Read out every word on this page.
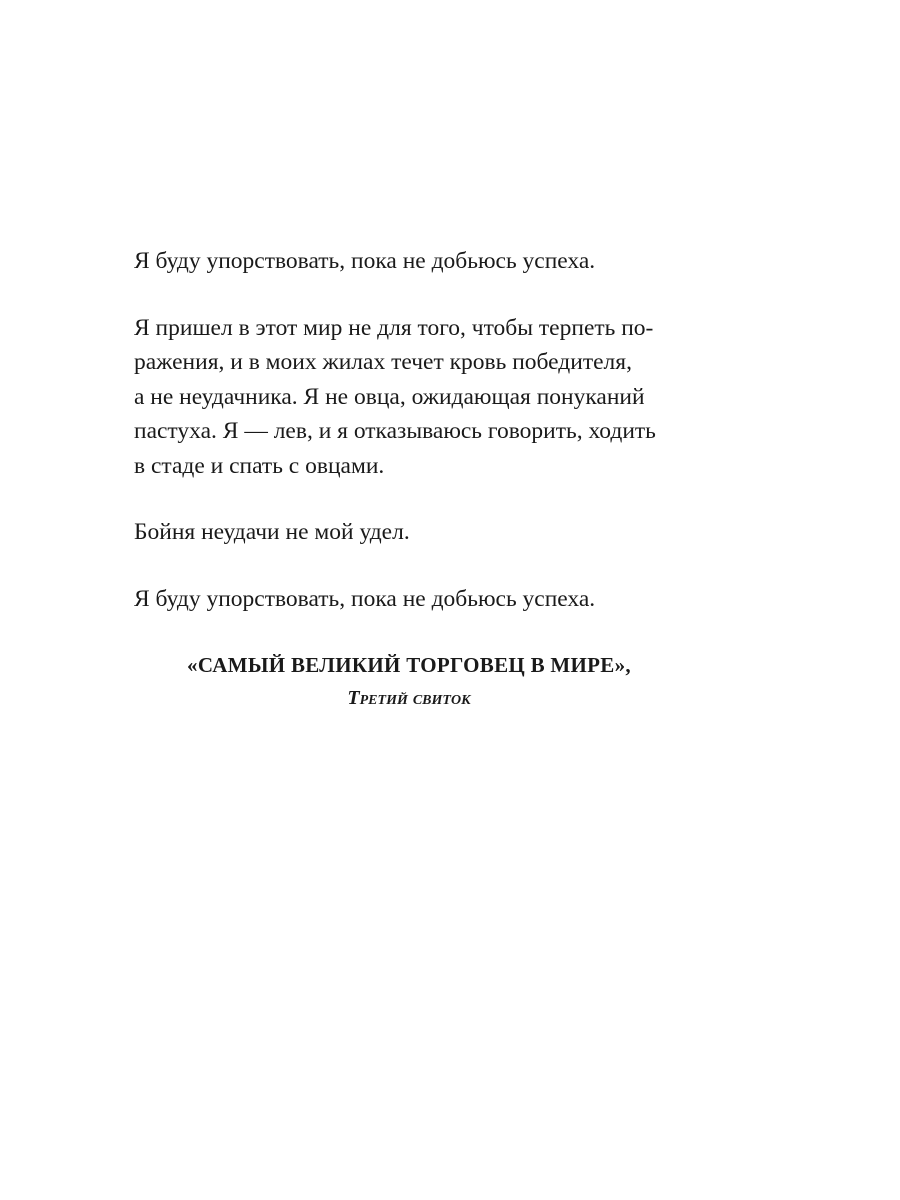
Я буду упорствовать, пока не добьюсь успеха.

Я пришел в этот мир не для того, чтобы терпеть по-
ражения, и в моих жилах течет кровь победителя,
а не неудачника. Я не овца, ожидающая понуканий
пастуха. Я — лев, и я отказываюсь говорить, ходить
в стаде и спать с овцами.

Бойня неудачи не мой удел.

Я буду упорствовать, пока не добьюсь успеха.

«САМЫЙ ВЕЛИКИЙ ТОРГОВЕЦ В МИРЕ»,
Третий свиток
